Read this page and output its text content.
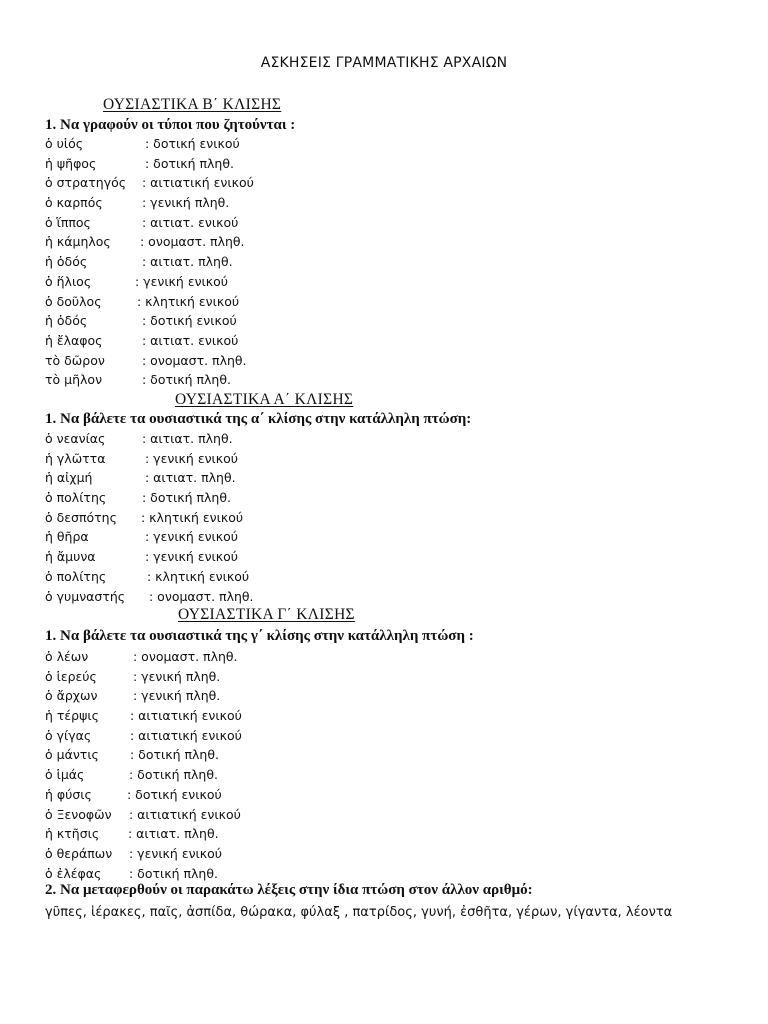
ΑΣΚΗΣΕΙΣ ΓΡΑΜΜΑΤΙΚΗΣ ΑΡΧΑΙΩΝ
ΟΥΣΙΑΣΤΙΚΑ Β΄ ΚΛΙΣΗΣ
1. Να γραφούν οι τύποι που ζητούνται :
ὁ υἱός	: δοτική ενικού
ἡ ψῆφος	: δοτική πληθ.
ὁ στρατηγός : αιτιατική ενικού
ὁ καρπός	: γενική πληθ.
ὁ ἵππος	: αιτιατ. ενικού
ἡ κάμηλος : ονομαστ. πληθ.
ἡ ὁδός	: αιτιατ. πληθ.
ὁ ἥλιος	: γενική ενικού
ὁ δοῦλος	: κλητική ενικού
ἡ ὁδός	: δοτική ενικού
ἡ ἔλαφος	: αιτιατ. ενικού
τὸ δῶρον	: ονομαστ. πληθ.
τὸ μῆλον	: δοτική πληθ.
ΟΥΣΙΑΣΤΙΚΑ Α΄ ΚΛΙΣΗΣ
1. Να βάλετε τα ουσιαστικά της α΄ κλίσης στην κατάλληλη πτώση:
ὁ νεανίας	: αιτιατ. πληθ.
ἡ γλῶττα	: γενική ενικού
ἡ αἰχμή	: αιτιατ. πληθ.
ὁ πολίτης	: δοτική πληθ.
ὁ δεσπότης : κλητική ενικού
ἡ θῆρα	: γενική ενικού
ἡ ἄμυνα	: γενική ενικού
ὁ πολίτης	: κλητική ενικού
ὁ γυμναστής : ονομαστ. πληθ.
ΟΥΣΙΑΣΤΙΚΑ Γ΄ ΚΛΙΣΗΣ
1. Να βάλετε τα ουσιαστικά της γ΄ κλίσης στην κατάλληλη πτώση :
ὁ λέων	: ονομαστ. πληθ.
ὁ ἱερεύς	: γενική πληθ.
ὁ ἄρχων	: γενική πληθ.
ἡ τέρψις : αιτιατική ενικού
ὁ γίγας	: αιτιατική ενικού
ὁ μάντις : δοτική πληθ.
ὁ ἱμάς	: δοτική πληθ.
ἡ φύσις	: δοτική ενικού
ὁ Ξενοφῶν : αιτιατική ενικού
ἡ κτῆσις : αιτιατ. πληθ.
ὁ θεράπων : γενική ενικού
ὁ ἐλέφας : δοτική πληθ.
2. Να μεταφερθούν οι παρακάτω λέξεις στην ίδια πτώση στον άλλον αριθμό:
γῦπες, ἱέρακες, παῖς, ἀσπίδα, θώρακα, φύλαξ , πατρίδος, γυνή, ἐσθῆτα, γέρων, γίγαντα, λέοντα
